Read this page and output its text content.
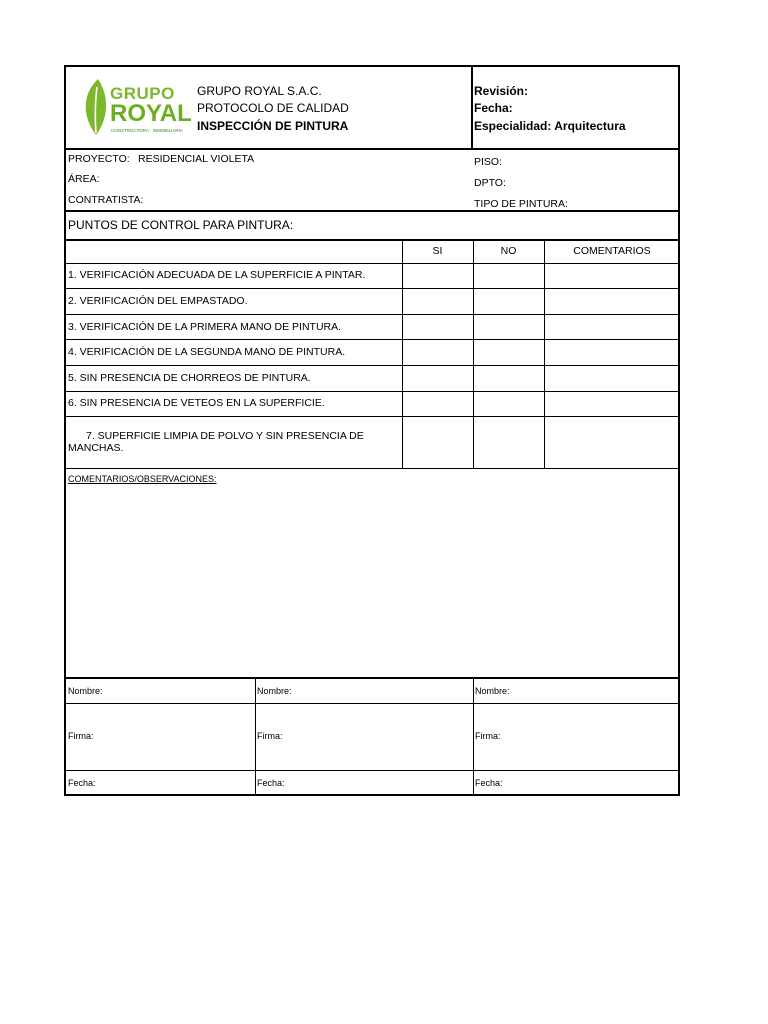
GRUPO
ROYAL
CONSTRUCTORA · INMOBILIARIA
GRUPO ROYAL S.A.C.
PROTOCOLO DE CALIDAD
INSPECCIÓN DE PINTURA
Revisión:
Fecha:
Especialidad: Arquitectura
PROYECTO: RESIDENCIAL VIOLETA
ÁREA:
CONTRATISTA:
PISO:
DPTO:
TIPO DE PINTURA:
PUNTOS DE CONTROL PARA PINTURA:
SI	NO	COMENTARIOS
1. VERIFICACIÓN ADECUADA DE LA SUPERFICIE A PINTAR.
2. VERIFICACIÓN DEL EMPASTADO.
3. VERIFICACIÓN DE LA PRIMERA MANO DE PINTURA.
4. VERIFICACIÓN DE LA SEGUNDA MANO DE PINTURA.
5. SIN PRESENCIA DE CHORREOS DE PINTURA.
6. SIN PRESENCIA DE VETEOS EN LA SUPERFICIE.
7. SUPERFICIE LIMPIA DE POLVO Y SIN PRESENCIA DE
MANCHAS.
COMENTARIOS/OBSERVACIONES:
Nombre:	Nombre:	Nombre:
Firma:	Firma:	Firma:
Fecha:	Fecha:	Fecha:
